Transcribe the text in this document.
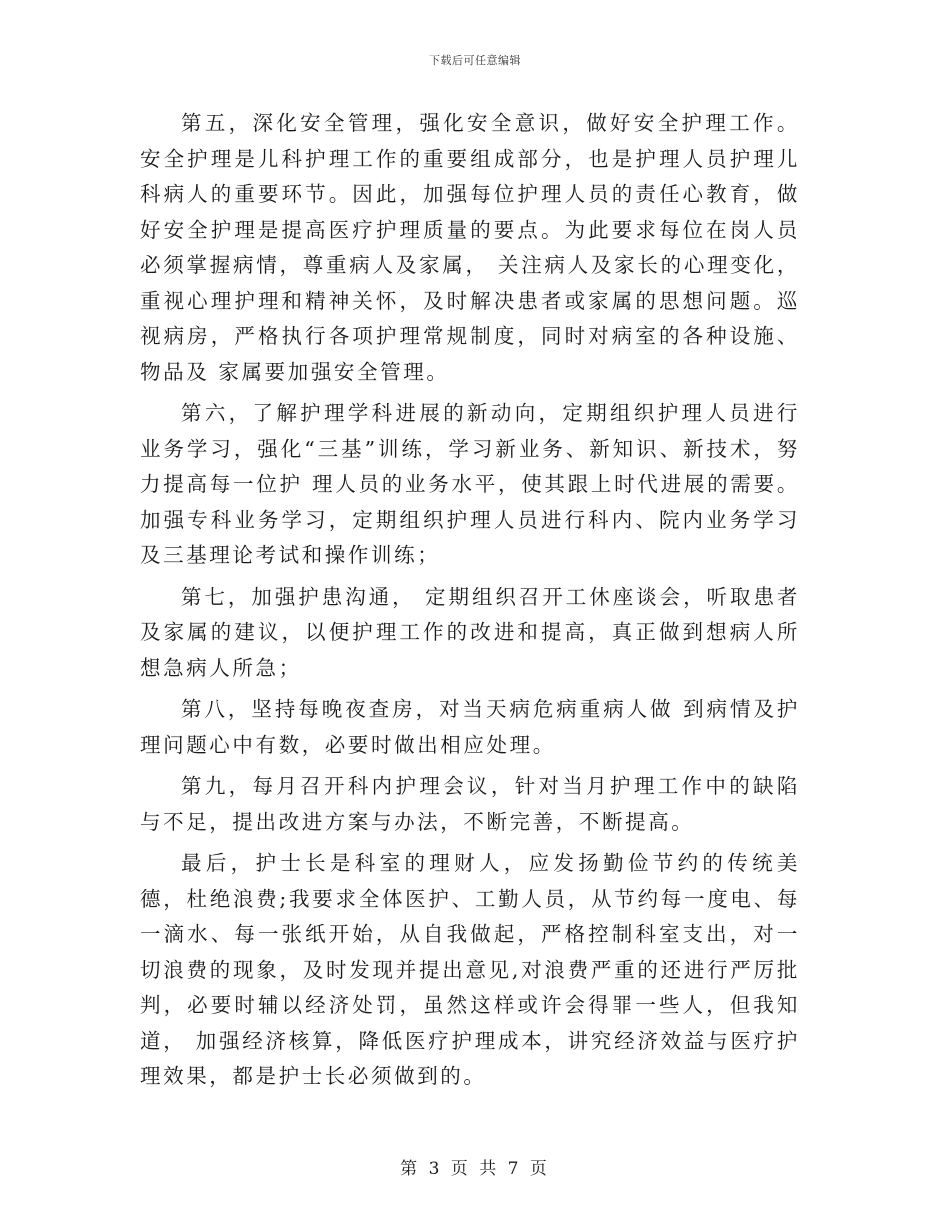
下载后可任意编辑

第五，深化安全管理，强化安全意识，做好安全护理工作。安全护理是儿科护理工作的重要组成部分，也是护理人员护理儿科病人的重要环节。因此，加强每位护理人员的责任心教育，做好安全护理是提高医疗护理质量的要点。为此要求每位在岗人员必须掌握病情，尊重病人及家属， 关注病人及家长的心理变化，重视心理护理和精神关怀，及时解决患者或家属的思想问题。巡视病房，严格执行各项护理常规制度，同时对病室的各种设施、物品及 家属要加强安全管理。

第六，了解护理学科进展的新动向，定期组织护理人员进行业务学习，强化“三基”训练，学习新业务、新知识、新技术，努力提高每一位护 理人员的业务水平，使其跟上时代进展的需要。加强专科业务学习，定期组织护理人员进行科内、院内业务学习及三基理论考试和操作训练；

第七，加强护患沟通， 定期组织召开工休座谈会，听取患者及家属的建议，以便护理工作的改进和提高，真正做到想病人所想急病人所急；

第八，坚持每晚夜查房，对当天病危病重病人做 到病情及护理问题心中有数，必要时做出相应处理。

第九，每月召开科内护理会议，针对当月护理工作中的缺陷与不足，提出改进方案与办法，不断完善，不断提高。

最后，护士长是科室的理财人，应发扬勤俭节约的传统美德，杜绝浪费;我要求全体医护、工勤人员，从节约每一度电、每一滴水、每一张纸开始，从自我做起，严格控制科室支出，对一切浪费的现象，及时发现并提出意见,对浪费严重的还进行严厉批判，必要时辅以经济处罚，虽然这样或许会得罪一些人，但我知道， 加强经济核算，降低医疗护理成本，讲究经济效益与医疗护理效果，都是护士长必须做到的。

第 3 页 共 7 页
